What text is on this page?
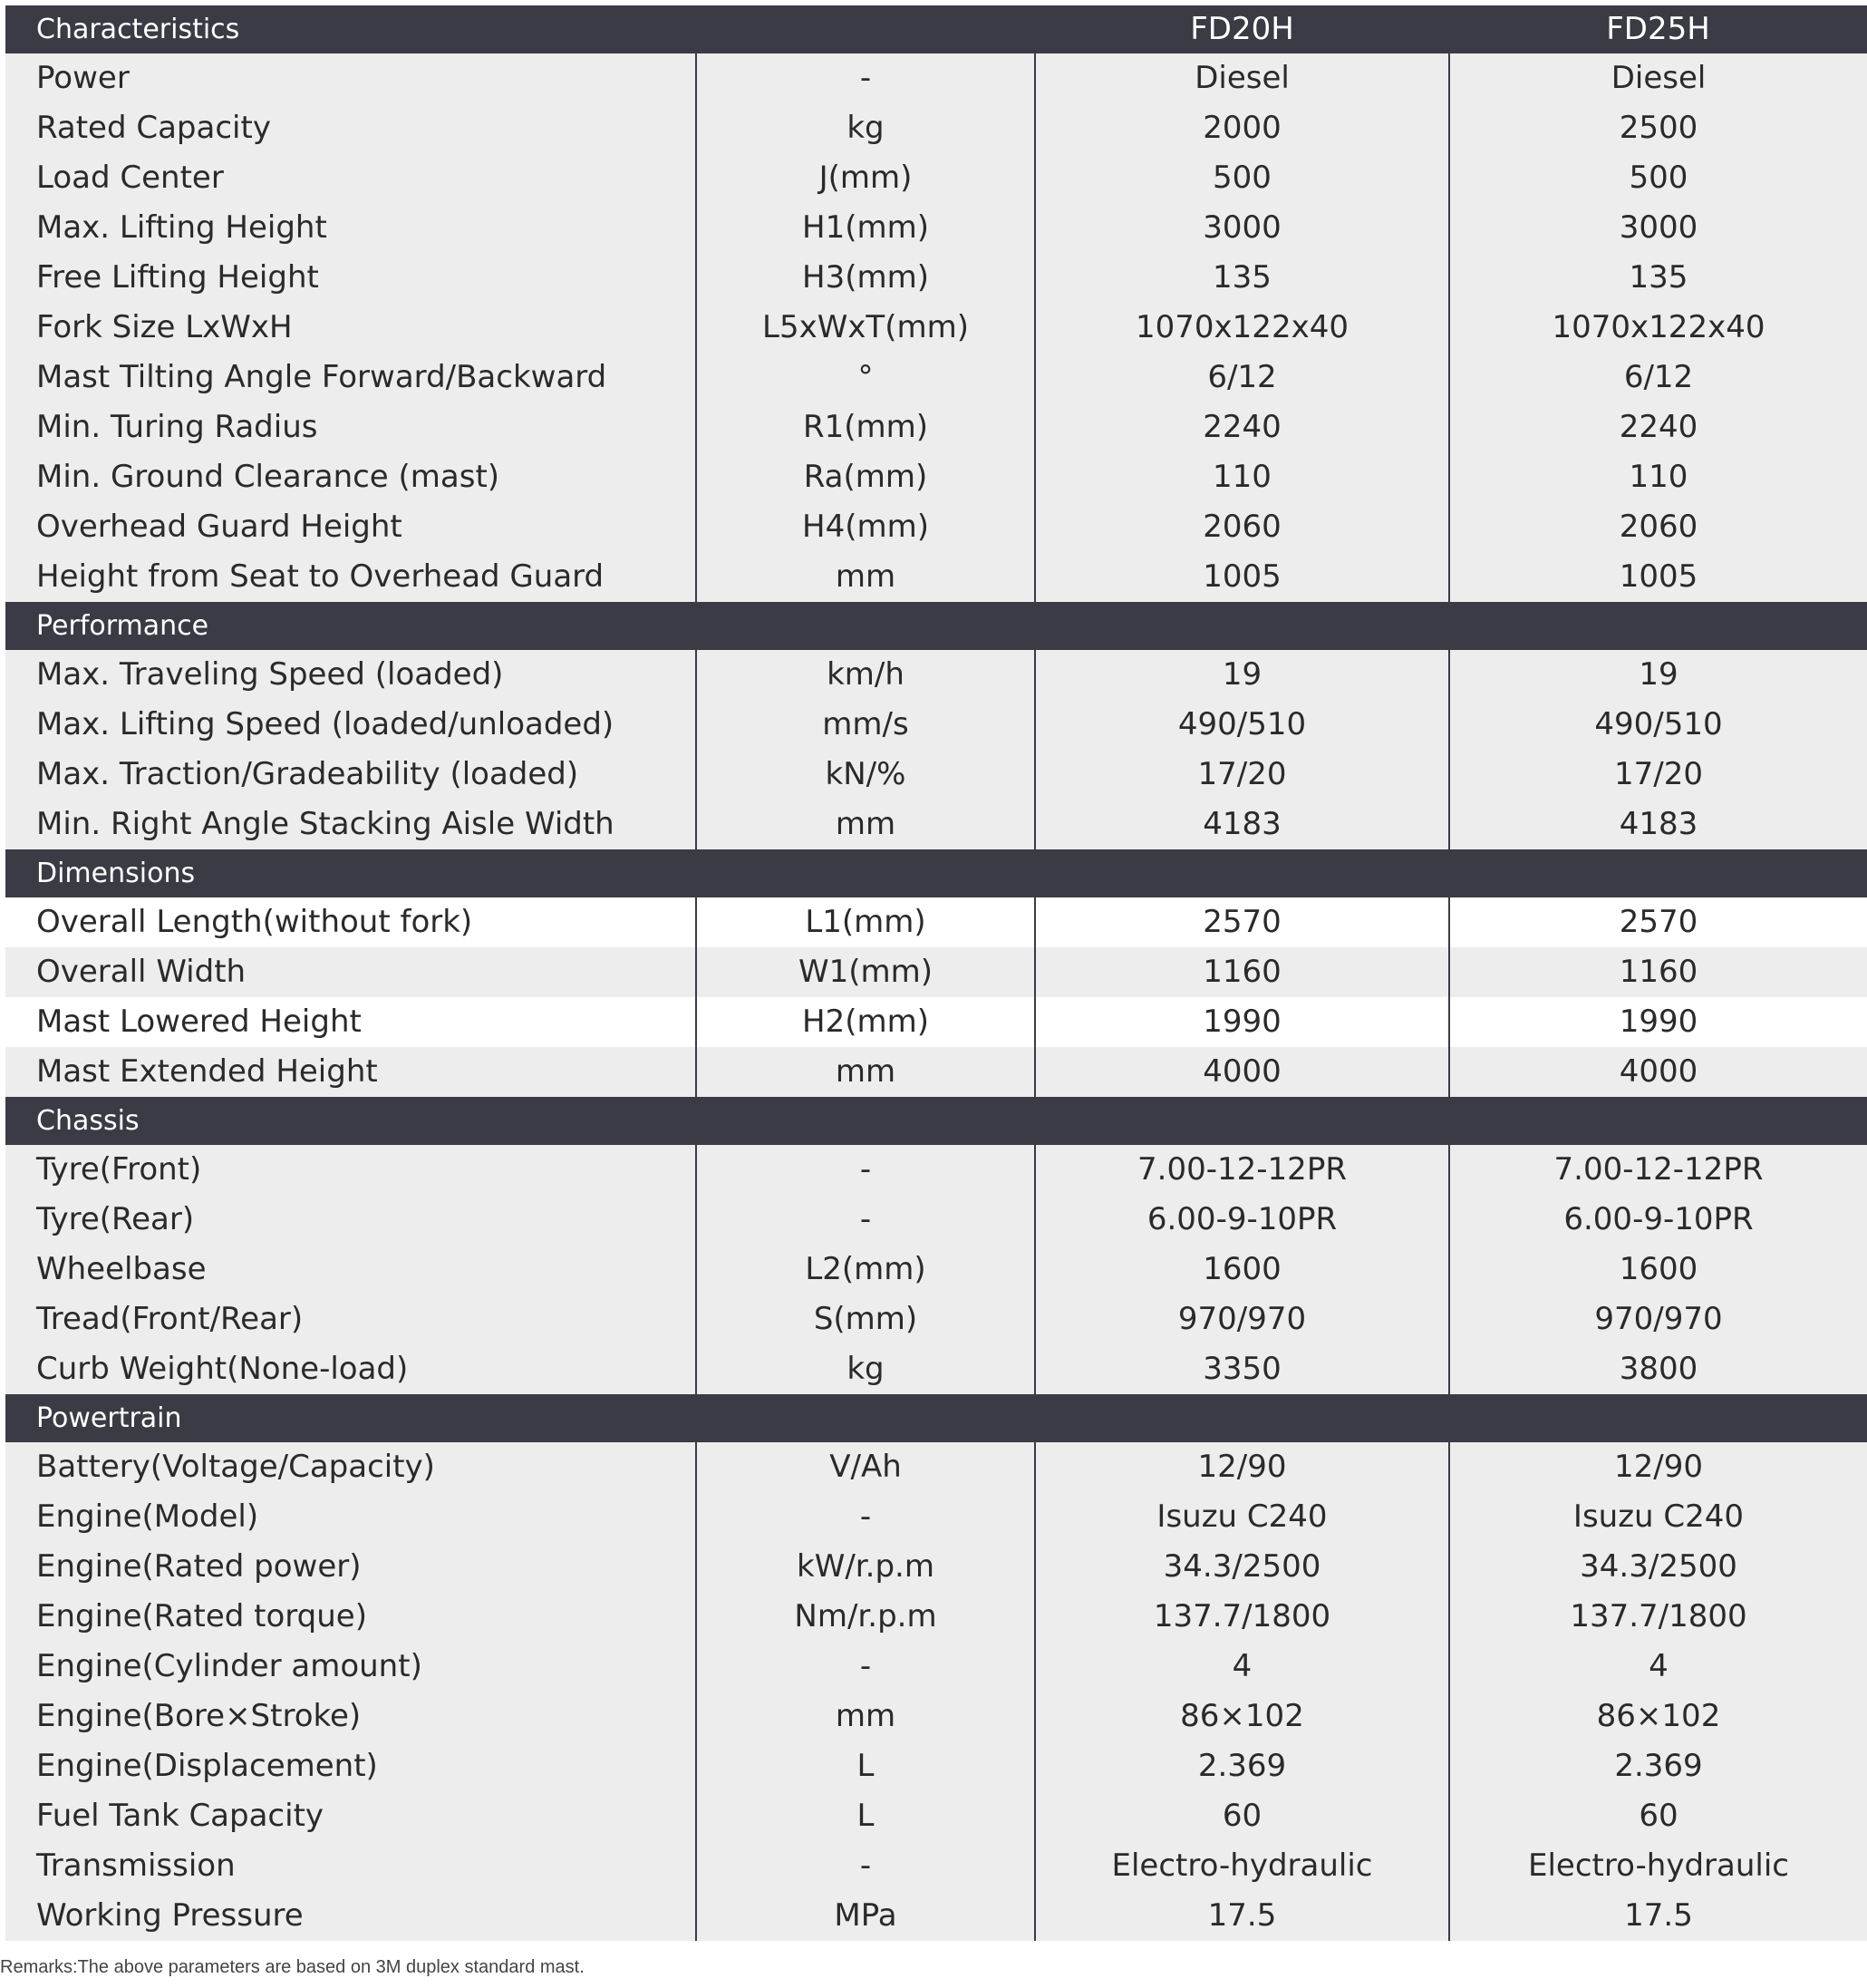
Characteristics		FD20H	FD25H
Power	-	Diesel	Diesel
Rated Capacity	kg	2000	2500
Load Center	J(mm)	500	500
Max. Lifting Height	H1(mm)	3000	3000
Free Lifting Height	H3(mm)	135	135
Fork Size LxWxH	L5xWxT(mm)	1070x122x40	1070x122x40
Mast Tilting Angle Forward/Backward	°	6/12	6/12
Min. Turing Radius	R1(mm)	2240	2240
Min. Ground Clearance (mast)	Ra(mm)	110	110
Overhead Guard Height	H4(mm)	2060	2060
Height from Seat to Overhead Guard	mm	1005	1005
Performance			
Max. Traveling Speed (loaded)	km/h	19	19
Max. Lifting Speed (loaded/unloaded)	mm/s	490/510	490/510
Max. Traction/Gradeability (loaded)	kN/%	17/20	17/20
Min. Right Angle Stacking Aisle Width	mm	4183	4183
Dimensions			
Overall Length(without fork)	L1(mm)	2570	2570
Overall Width	W1(mm)	1160	1160
Mast Lowered Height	H2(mm)	1990	1990
Mast Extended Height	mm	4000	4000
Chassis			
Tyre(Front)	-	7.00-12-12PR	7.00-12-12PR
Tyre(Rear)	-	6.00-9-10PR	6.00-9-10PR
Wheelbase	L2(mm)	1600	1600
Tread(Front/Rear)	S(mm)	970/970	970/970
Curb Weight(None-load)	kg	3350	3800
Powertrain			
Battery(Voltage/Capacity)	V/Ah	12/90	12/90
Engine(Model)	-	Isuzu C240	Isuzu C240
Engine(Rated power)	kW/r.p.m	34.3/2500	34.3/2500
Engine(Rated torque)	Nm/r.p.m	137.7/1800	137.7/1800
Engine(Cylinder amount)	-	4	4
Engine(Bore×Stroke)	mm	86×102	86×102
Engine(Displacement)	L	2.369	2.369
Fuel Tank Capacity	L	60	60
Transmission	-	Electro-hydraulic	Electro-hydraulic
Working Pressure	MPa	17.5	17.5
Remarks:The above parameters are based on 3M duplex standard mast.
